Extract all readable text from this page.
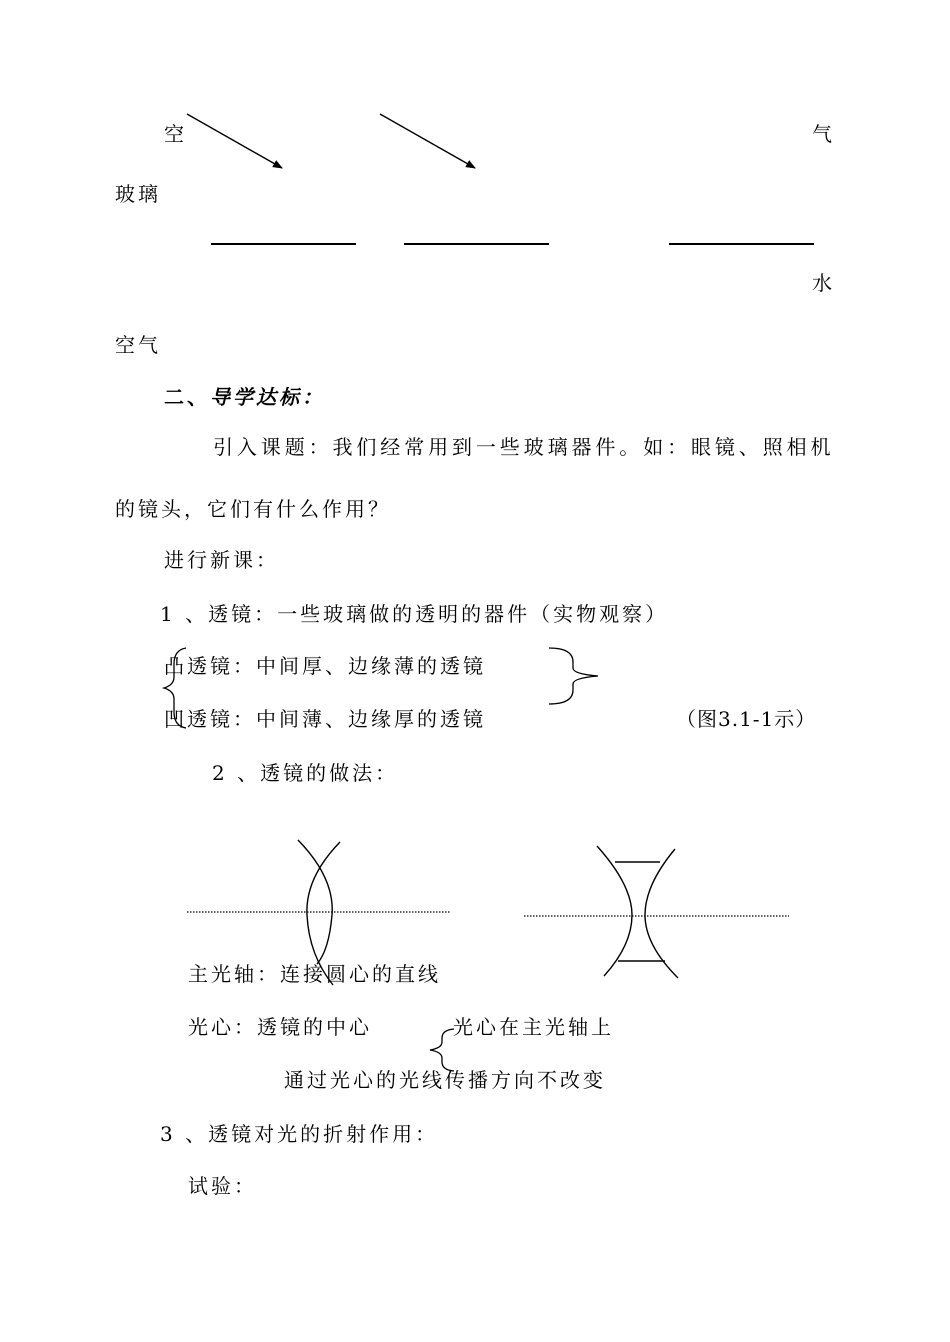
空	气
玻璃
水
空气
二、导学达标：
引入课题：我们经常用到一些玻璃器件。如：眼镜、照相机
的镜头，它们有什么作用？
进行新课：
1 、透镜：一些玻璃做的透明的器件（实物观察）
凸透镜：中间厚、边缘薄的透镜
凹透镜：中间薄、边缘厚的透镜	（图3.1-1示）
2 、透镜的做法：
主光轴：连接圆心的直线
光心：透镜的中心	光心在主光轴上
通过光心的光线传播方向不改变
3 、透镜对光的折射作用：
试验：
